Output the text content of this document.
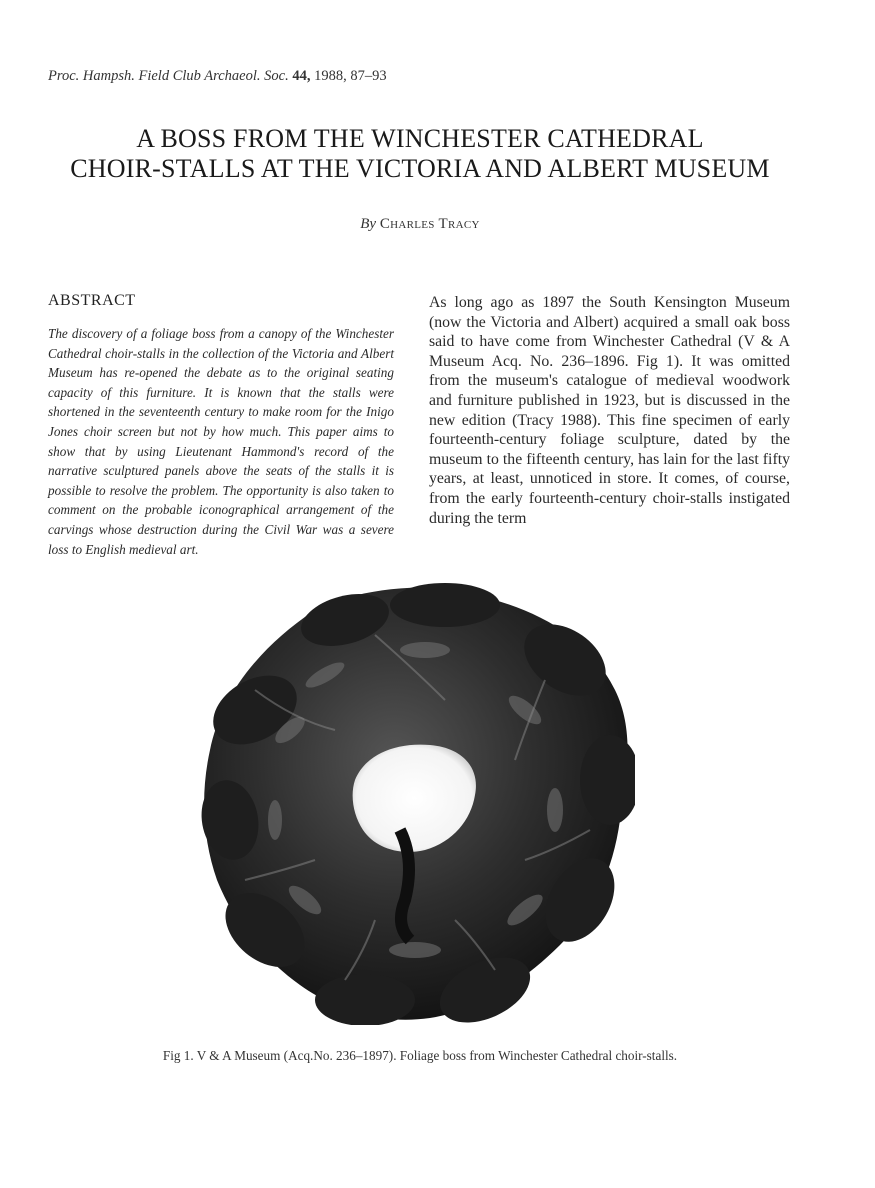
Proc. Hampsh. Field Club Archaeol. Soc. 44, 1988, 87–93
A BOSS FROM THE WINCHESTER CATHEDRAL
CHOIR-STALLS AT THE VICTORIA AND ALBERT MUSEUM
By Charles Tracy
ABSTRACT

The discovery of a foliage boss from a canopy of the Winchester Cathedral choir-stalls in the collection of the Victoria and Albert Museum has re-opened the debate as to the original seating capacity of this furniture. It is known that the stalls were shortened in the seventeenth century to make room for the Inigo Jones choir screen but not by how much. This paper aims to show that by using Lieutenant Hammond's record of the narrative sculptured panels above the seats of the stalls it is possible to resolve the problem. The opportunity is also taken to comment on the probable iconographical arrangement of the carvings whose destruction during the Civil War was a severe loss to English medieval art.

As long ago as 1897 the South Kensington Museum (now the Victoria and Albert) acquired a small oak boss said to have come from Winchester Cathedral (V & A Museum Acq. No. 236–1896. Fig 1). It was omitted from the museum's catalogue of medieval woodwork and furniture published in 1923, but is discussed in the new edition (Tracy 1988). This fine specimen of early fourteenth-century foliage sculpture, dated by the museum to the fifteenth century, has lain for the last fifty years, at least, unnoticed in store. It comes, of course, from the early fourteenth-century choir-stalls instigated during the term

Fig 1. V & A Museum (Acq.No. 236–1897). Foliage boss from Winchester Cathedral choir-stalls.
